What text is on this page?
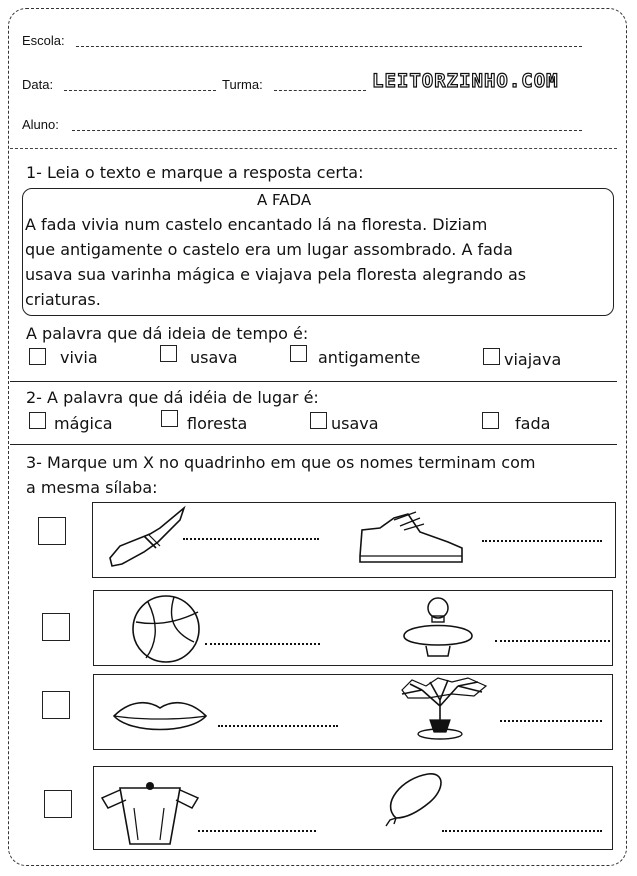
Escola:
Data:	Turma:	LEITORZINHO.COM
Aluno:
1- Leia o texto e marque a resposta certa:
A FADA
A fada vivia num castelo encantado lá na floresta. Diziam
que antigamente o castelo era um lugar assombrado. A fada
usava sua varinha mágica e viajava pela floresta alegrando as
criaturas.
A palavra que dá ideia de tempo é:
vivia	usava	antigamente	viajava
2- A palavra que dá idéia de lugar é:
mágica	floresta	usava	fada
3- Marque um X no quadrinho em que os nomes terminam com
a mesma sílaba:
